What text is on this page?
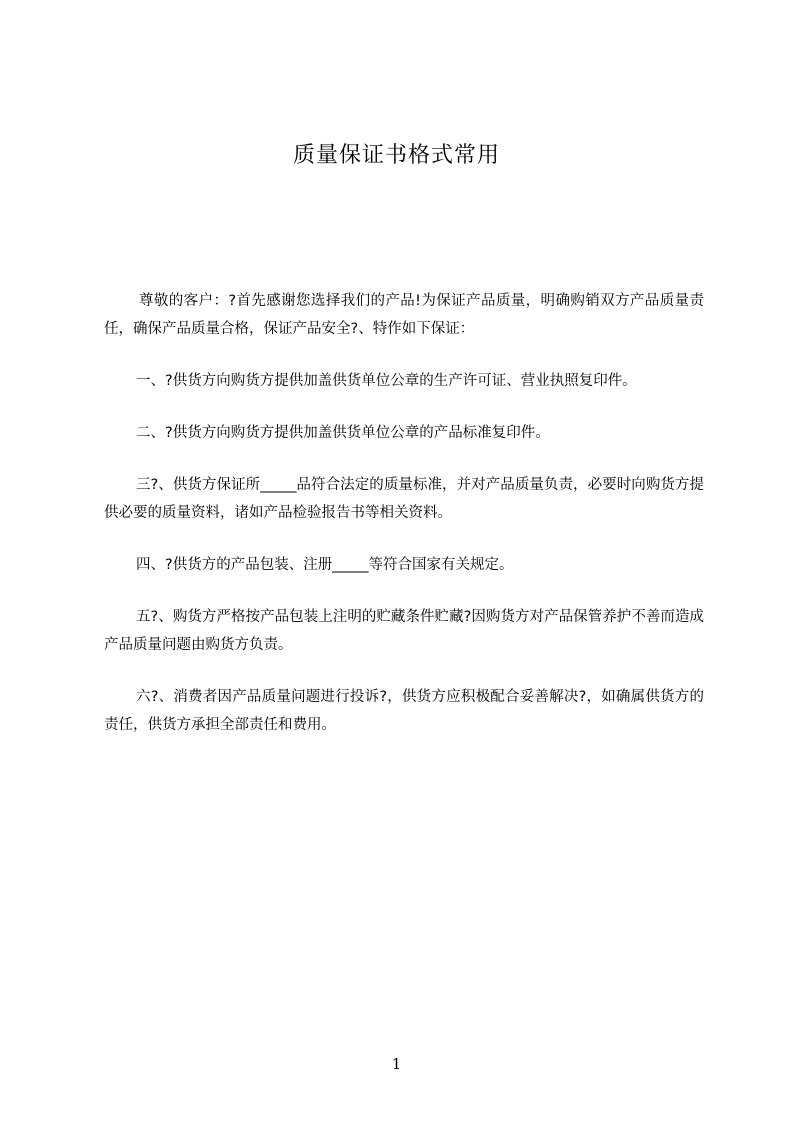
质量保证书格式常用

尊敬的客户：?首先感谢您选择我们的产品!为保证产品质量，明确购销双方产品质量责任，确保产品质量合格，保证产品安全?、特作如下保证：

一、?供货方向购货方提供加盖供货单位公章的生产许可证、营业执照复印件。

二、?供货方向购货方提供加盖供货单位公章的产品标准复印件。

三?、供货方保证所_____品符合法定的质量标准，并对产品质量负责，必要时向购货方提供必要的质量资料，诸如产品检验报告书等相关资料。

四、?供货方的产品包装、注册_____等符合国家有关规定。

五?、购货方严格按产品包装上注明的贮藏条件贮藏?因购货方对产品保管养护不善而造成产品质量问题由购货方负责。

六?、消费者因产品质量问题进行投诉?，供货方应积极配合妥善解决?，如确属供货方的责任，供货方承担全部责任和费用。

1
